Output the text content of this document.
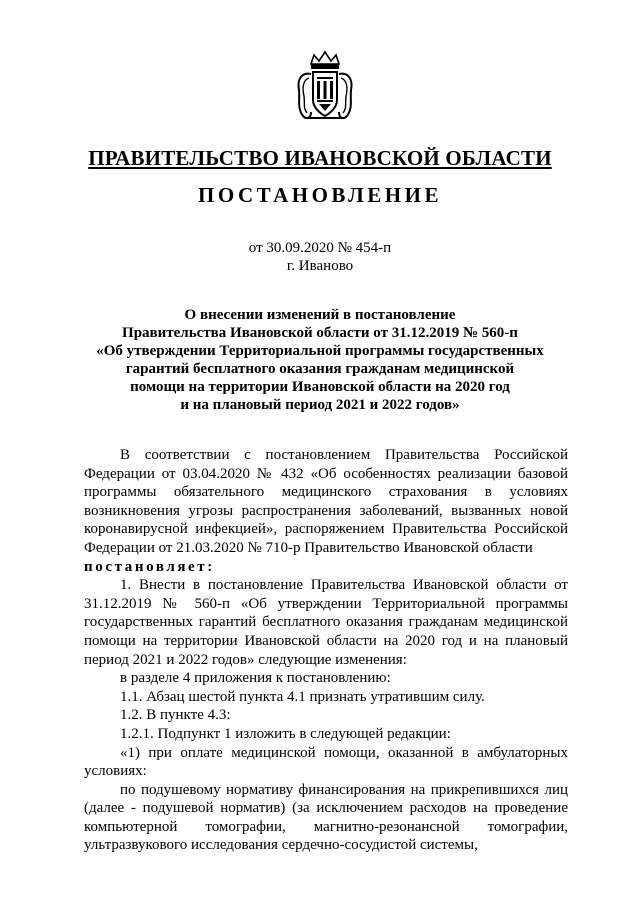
ПРАВИТЕЛЬСТВО ИВАНОВСКОЙ ОБЛАСТИ
ПОСТАНОВЛЕНИЕ
от 30.09.2020 № 454-п
г. Иваново
О внесении изменений в постановление
Правительства Ивановской области от 31.12.2019 № 560-п
«Об утверждении Территориальной программы государственных
гарантий бесплатного оказания гражданам медицинской
помощи на территории Ивановской области на 2020 год
и на плановый период 2021 и 2022 годов»

В соответствии с постановлением Правительства Российской Федерации от 03.04.2020 № 432 «Об особенностях реализации базовой программы обязательного медицинского страхования в условиях возникновения угрозы распространения заболеваний, вызванных новой коронавирусной инфекцией», распоряжением Правительства Российской Федерации от 21.03.2020 № 710-р Правительство Ивановской области

постановляет:

1. Внести в постановление Правительства Ивановской области от 31.12.2019 № 560-п «Об утверждении Территориальной программы государственных гарантий бесплатного оказания гражданам медицинской помощи на территории Ивановской области на 2020 год и на плановый период 2021 и 2022 годов» следующие изменения:

в разделе 4 приложения к постановлению:

1.1. Абзац шестой пункта 4.1 признать утратившим силу.

1.2. В пункте 4.3:

1.2.1. Подпункт 1 изложить в следующей редакции:

«1) при оплате медицинской помощи, оказанной в амбулаторных условиях:

по подушевому нормативу финансирования на прикрепившихся лиц (далее - подушевой норматив) (за исключением расходов на проведение компьютерной томографии, магнитно-резонансной томографии, ультразвукового исследования сердечно-сосудистой системы,
